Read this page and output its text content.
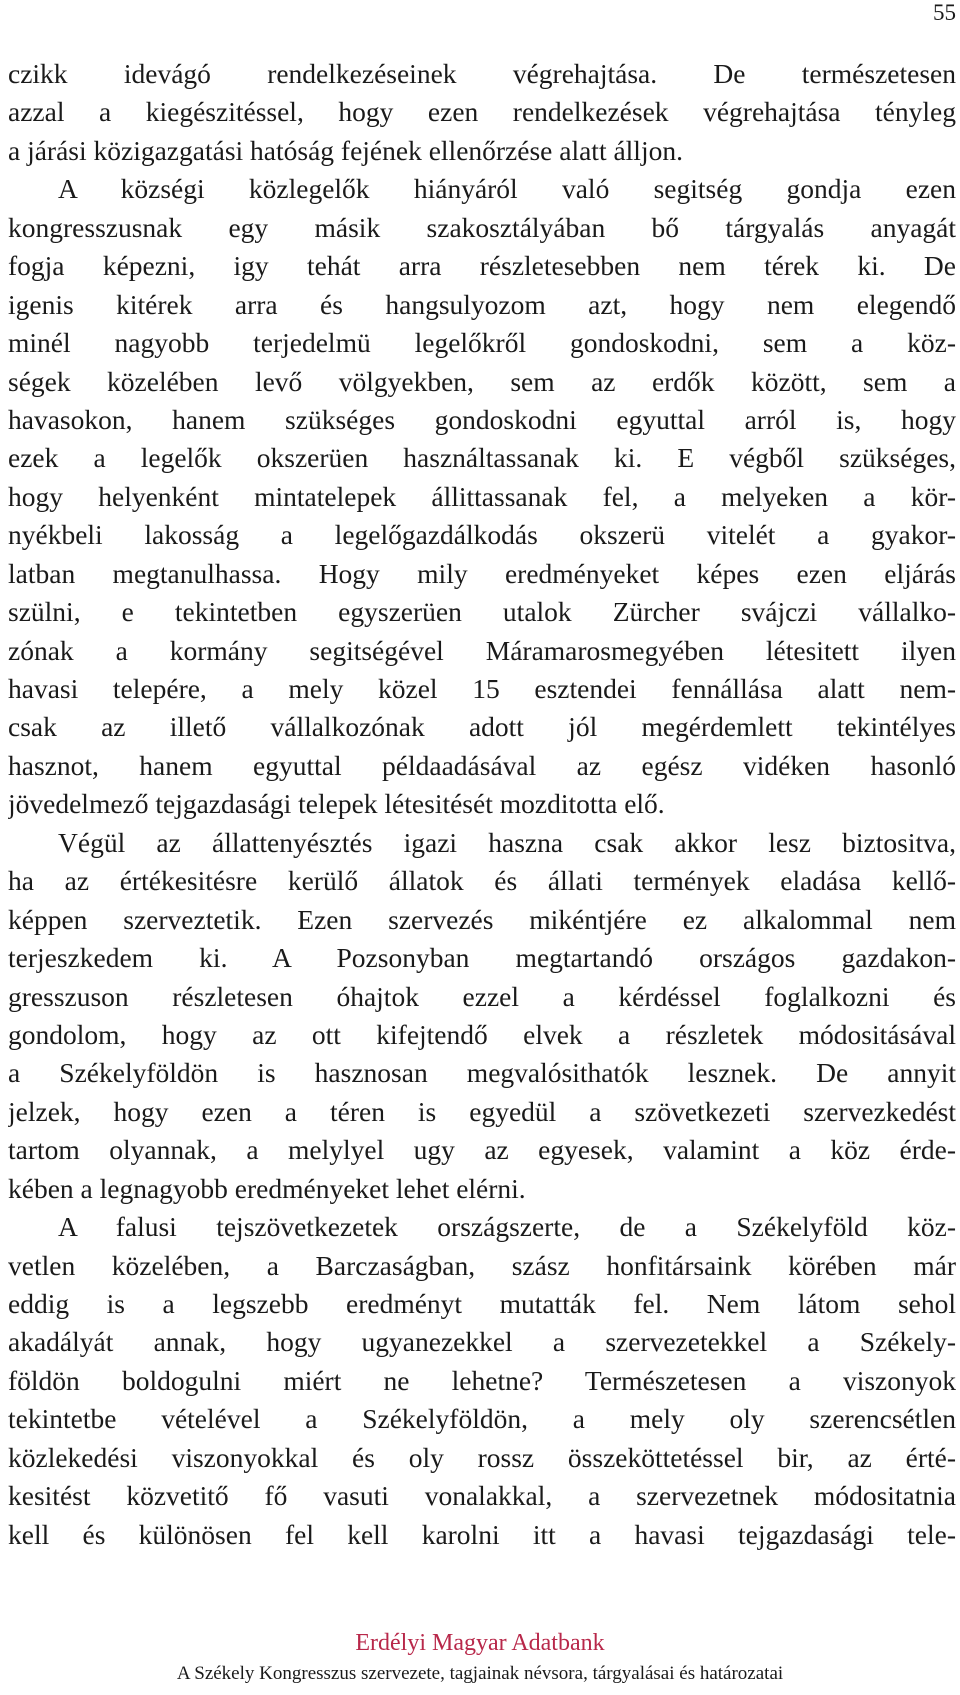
55
czikk idevágó rendelkezéseinek végrehajtása. De természetesen
azzal a kiegészitéssel, hogy ezen rendelkezések végrehajtása tényleg
a járási közigazgatási hatóság fejének ellenőrzése alatt álljon.
A községi közlegelők hiányáról való segitség gondja ezen
kongresszusnak egy másik szakosztályában bő tárgyalás anyagát
fogja képezni, igy tehát arra részletesebben nem térek ki. De
igenis kitérek arra és hangsulyozom azt, hogy nem elegendő
minél nagyobb terjedelmü legelőkről gondoskodni, sem a köz-
ségek közelében levő völgyekben, sem az erdők között, sem a
havasokon, hanem szükséges gondoskodni egyuttal arról is, hogy
ezek a legelők okszerüen használtassanak ki. E végből szükséges,
hogy helyenként mintatelepek állittassanak fel, a melyeken a kör-
nyékbeli lakosság a legelőgazdálkodás okszerü vitelét a gyakor-
latban megtanulhassa. Hogy mily eredményeket képes ezen eljárás
szülni, e tekintetben egyszerüen utalok Zürcher svájczi vállalko-
zónak a kormány segitségével Máramarosmegyében létesitett ilyen
havasi telepére, a mely közel 15 esztendei fennállása alatt nem-
csak az illető vállalkozónak adott jól megérdemlett tekintélyes
hasznot, hanem egyuttal példaadásával az egész vidéken hasonló
jövedelmező tejgazdasági telepek létesitését mozditotta elő.
Végül az állattenyésztés igazi haszna csak akkor lesz biztositva,
ha az értékesitésre kerülő állatok és állati termények eladása kellő-
képpen szerveztetik. Ezen szervezés mikéntjére ez alkalommal nem
terjeszkedem ki. A Pozsonyban megtartandó országos gazdakon-
gresszuson részletesen óhajtok ezzel a kérdéssel foglalkozni és
gondolom, hogy az ott kifejtendő elvek a részletek módositásával
a Székelyföldön is hasznosan megvalósithatók lesznek. De annyit
jelzek, hogy ezen a téren is egyedül a szövetkezeti szervezkedést
tartom olyannak, a melylyel ugy az egyesek, valamint a köz érde-
kében a legnagyobb eredményeket lehet elérni.
A falusi tejszövetkezetek országszerte, de a Székelyföld köz-
vetlen közelében, a Barczaságban, szász honfitársaink körében már
eddig is a legszebb eredményt mutatták fel. Nem látom sehol
akadályát annak, hogy ugyanezekkel a szervezetekkel a Székely-
földön boldogulni miért ne lehetne? Természetesen a viszonyok
tekintetbe vételével a Székelyföldön, a mely oly szerencsétlen
közlekedési viszonyokkal és oly rossz összeköttetéssel bir, az érté-
kesitést közvetitő fő vasuti vonalakkal, a szervezetnek módositatnia
kell és különösen fel kell karolni itt a havasi tejgazdasági tele-
Erdélyi Magyar Adatbank
A Székely Kongresszus szervezete, tagjainak névsora, tárgyalásai és határozatai
